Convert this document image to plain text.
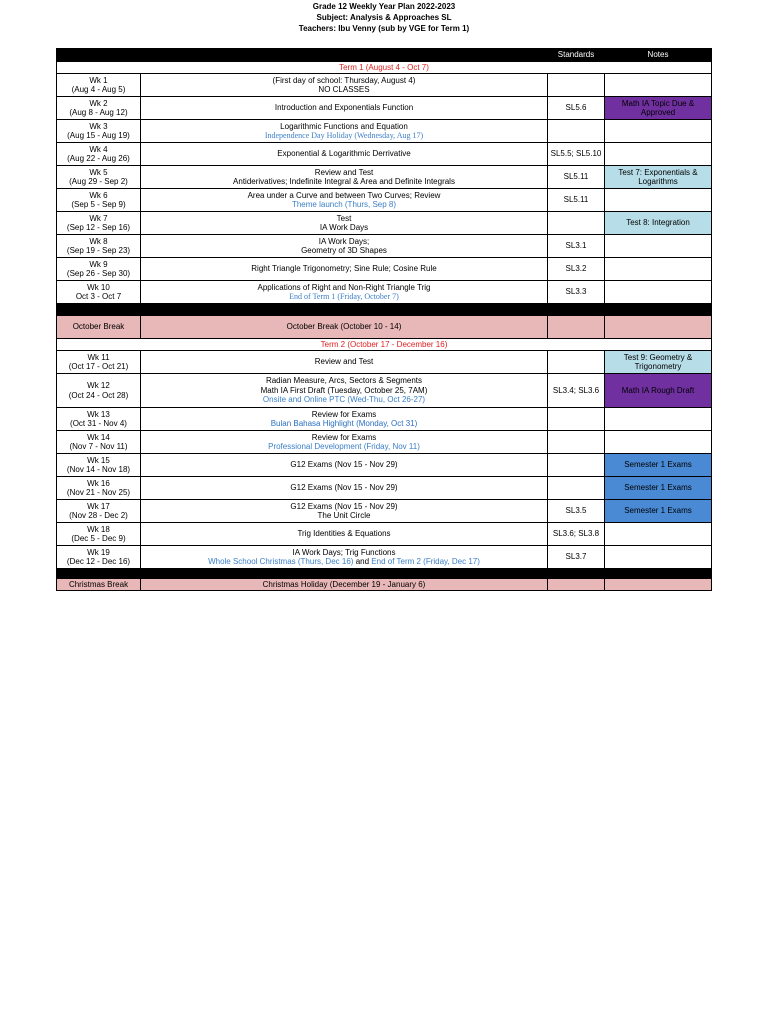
Grade 12 Weekly Year Plan 2022-2023
Subject: Analysis & Approaches SL
Teachers: Ibu Venny (sub by VGE for Term 1)
		Standards	Notes
Term 1 (August 4 - Oct 7)			

Wk 1
(Aug 4 - Aug 5)	(First day of school: Thursday, August 4)
NO CLASSES		

Wk 2
(Aug 8 - Aug 12)	Introduction and Exponentials Function	SL5.6	Math IA Topic Due & Approved

Wk 3
(Aug 15 - Aug 19)	Logarithmic Functions and Equation
Independence Day Holiday (Wednesday, Aug 17)		

Wk 4
(Aug 22 - Aug 26)	Exponential & Logarithmic Derrivative	SL5.5; SL5.10	

Wk 5
(Aug 29 - Sep 2)	Review and Test
Antiderivatives; Indefinite Integral & Area and Definite Integrals	SL5.11	Test 7: Exponentials & Logarithms

Wk 6
(Sep 5 - Sep 9)	Area under a Curve and between Two Curves; Review
Theme launch (Thurs, Sep 8)	SL5.11	

Wk 7
(Sep 12 - Sep 16)	Test
IA Work Days		Test 8: Integration

Wk 8
(Sep 19 - Sep 23)	IA Work Days;
Geometry of 3D Shapes	SL3.1	

Wk 9
(Sep 26 - Sep 30)	Right Triangle Trigonometry; Sine Rule; Cosine Rule	SL3.2	

Wk 10
Oct 3 - Oct 7	Applications of Right and Non-Right Triangle Trig
End of Term 1 (Friday, October 7)	SL3.3	

October Break	October Break (October 10 - 14)		
Term 2 (October 17 - December 16)			

Wk 11
(Oct 17 - Oct 21)	Review and Test		Test 9: Geometry & Trigonometry

Wk 12
(Oct 24 - Oct 28)	Radian Measure, Arcs, Sectors & Segments
Math IA First Draft (Tuesday, October 25, 7AM)
Onsite and Online PTC (Wed-Thu, Oct 26-27)	SL3.4; SL3.6	Math IA Rough Draft

Wk 13
(Oct 31 - Nov 4)	Review for Exams
Bulan Bahasa Highlight (Monday, Oct 31)		

Wk 14
(Nov 7 - Nov 11)	Review for Exams
Professional Development (Friday, Nov 11)		

Wk 15
(Nov 14 - Nov 18)	G12 Exams (Nov 15 - Nov 29)		Semester 1 Exams

Wk 16
(Nov 21 - Nov 25)	G12 Exams (Nov 15 - Nov 29)		Semester 1 Exams

Wk 17
(Nov 28 - Dec 2)	G12 Exams (Nov 15 - Nov 29)
The Unit Circle	SL3.5	Semester 1 Exams

Wk 18
(Dec 5 - Dec 9)	Trig Identities & Equations	SL3.6; SL3.8	

Wk 19
(Dec 12 - Dec 16)	IA Work Days; Trig Functions
Whole School Christmas (Thurs, Dec 16) and End of Term 2 (Friday, Dec 17)	SL3.7	

Christmas Break	Christmas Holiday (December 19 - January 6)		
